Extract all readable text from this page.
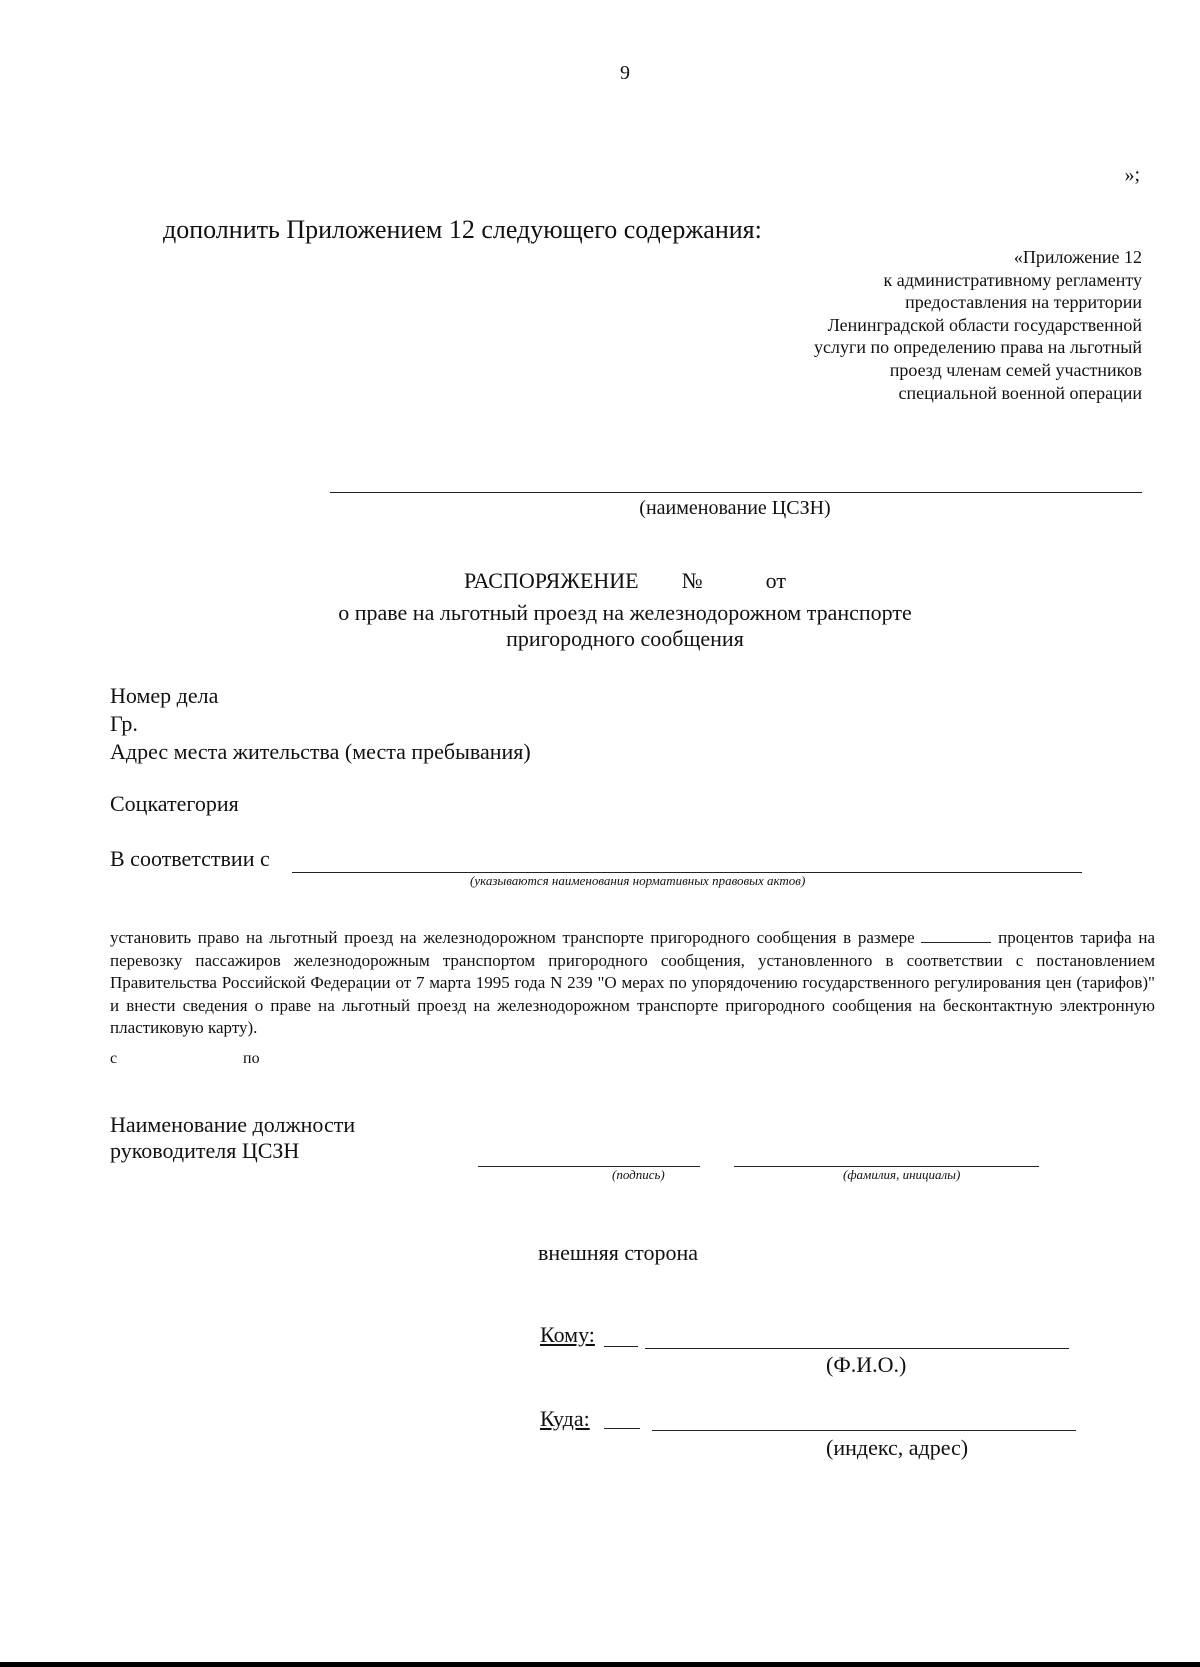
9
»;
дополнить Приложением 12 следующего содержания:
«Приложение 12
к административному регламенту
предоставления на территории
Ленинградской области государственной
услуги по определению права на льготный
проезд членам семей участников
специальной военной операции
(наименование ЦСЗН)
РАСПОРЯЖЕНИЕ №	от
о праве на льготный проезд на железнодорожном транспорте
пригородного сообщения
Номер дела
Гр.
Адрес места жительства (места пребывания)
Соцкатегория
В соответствии с
(указываются наименования нормативных правовых актов)
установить право на льготный проезд на железнодорожном транспорте пригородного сообщения в размере	процентов тарифа на перевозку пассажиров железнодорожным транспортом пригородного сообщения, установленного в соответствии с постановлением Правительства Российской Федерации от 7 марта 1995 года N 239 "О мерах по упорядочению государственного регулирования цен (тарифов)" и внести сведения о праве на льготный проезд на железнодорожном транспорте пригородного сообщения на бесконтактную электронную пластиковую карту).
с	по
Наименование должности
руководителя ЦСЗН
(подпись)	(фамилия, инициалы)
внешняя сторона
Кому:
(Ф.И.О.)
Куда:
(индекс, адрес)
